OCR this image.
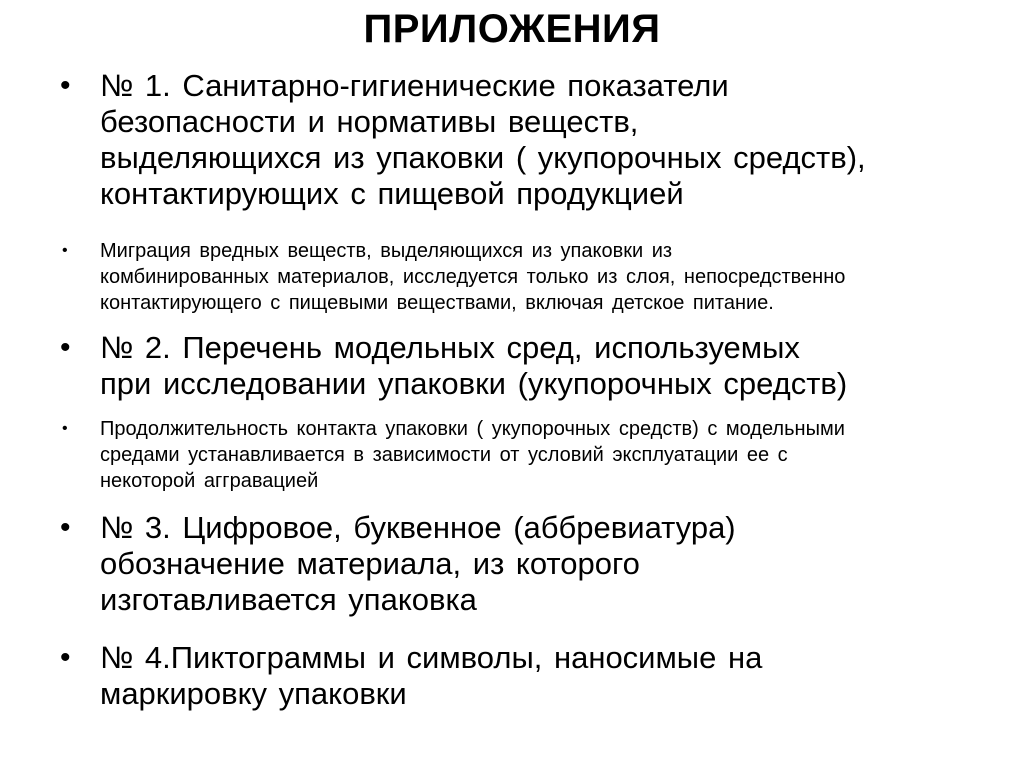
ПРИЛОЖЕНИЯ
• № 1. Санитарно-гигиенические показатели
безопасности и нормативы веществ,
выделяющихся из упаковки ( укупорочных средств),
контактирующих с пищевой продукцией
• Миграция вредных веществ, выделяющихся из упаковки из
комбинированных материалов, исследуется только из слоя, непосредственно
контактирующего с пищевыми веществами, включая детское питание.
• № 2. Перечень модельных сред, используемых
при исследовании упаковки (укупорочных средств)
• Продолжительность контакта упаковки ( укупорочных средств) с модельными
средами устанавливается в зависимости от условий эксплуатации ее с
некоторой аггравацией
• № 3. Цифровое, буквенное (аббревиатура)
обозначение материала, из которого
изготавливается упаковка
• № 4.Пиктограммы и символы, наносимые на
маркировку упаковки
